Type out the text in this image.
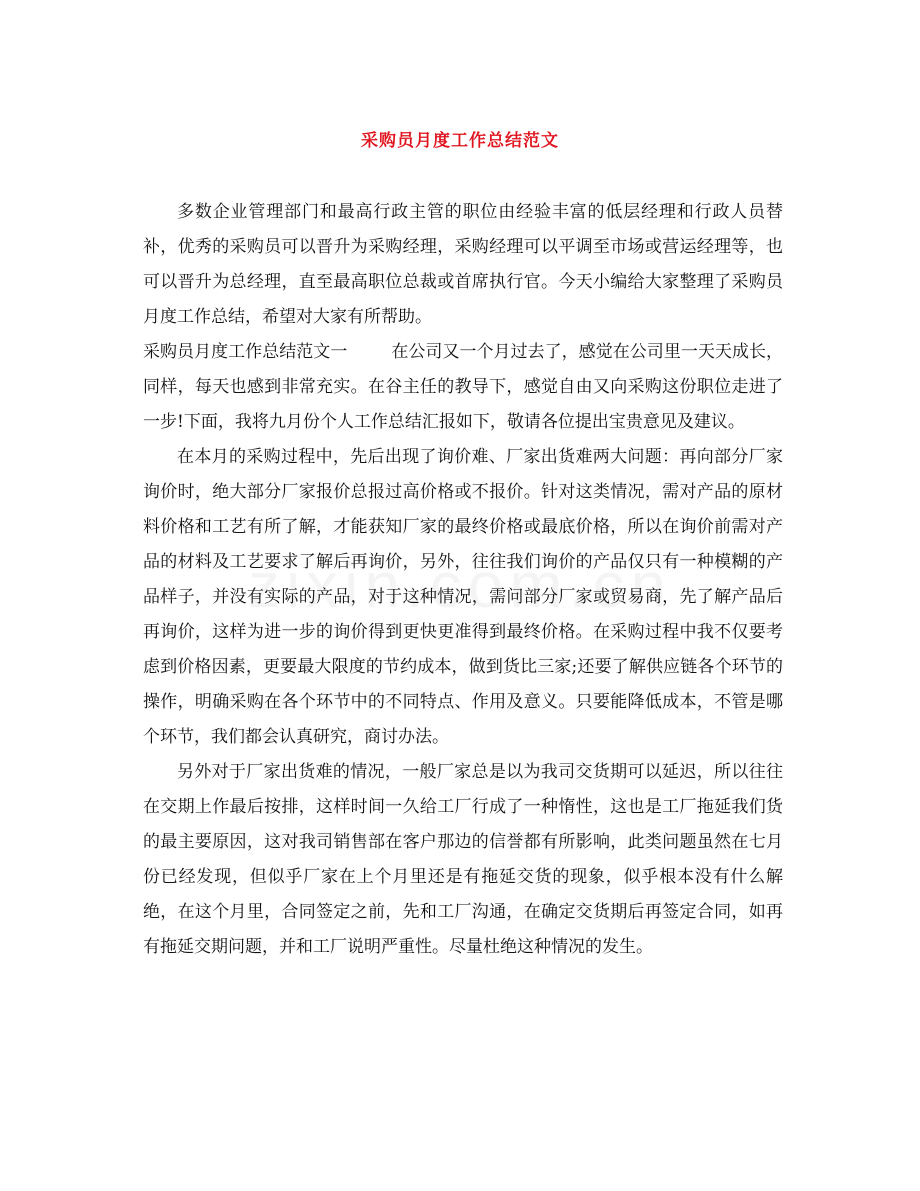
采购员月度工作总结范文

多数企业管理部门和最高行政主管的职位由经验丰富的低层经理和行政人员替补，优秀的采购员可以晋升为采购经理，采购经理可以平调至市场或营运经理等，也可以晋升为总经理，直至最高职位总裁或首席执行官。今天小编给大家整理了采购员月度工作总结，希望对大家有所帮助。

采购员月度工作总结范文一	在公司又一个月过去了，感觉在公司里一天天成长，同样，每天也感到非常充实。在谷主任的教导下，感觉自由又向采购这份职位走进了一步!下面，我将九月份个人工作总结汇报如下，敬请各位提出宝贵意见及建议。

在本月的采购过程中，先后出现了询价难、厂家出货难两大问题：再向部分厂家询价时，绝大部分厂家报价总报过高价格或不报价。针对这类情况，需对产品的原材料价格和工艺有所了解，才能获知厂家的最终价格或最底价格，所以在询价前需对产品的材料及工艺要求了解后再询价，另外，往往我们询价的产品仅只有一种模糊的产品样子，并没有实际的产品，对于这种情况，需问部分厂家或贸易商，先了解产品后再询价，这样为进一步的询价得到更快更准得到最终价格。在采购过程中我不仅要考虑到价格因素，更要最大限度的节约成本，做到货比三家;还要了解供应链各个环节的操作，明确采购在各个环节中的不同特点、作用及意义。只要能降低成本，不管是哪个环节，我们都会认真研究，商讨办法。

另外对于厂家出货难的情况，一般厂家总是以为我司交货期可以延迟，所以往往在交期上作最后按排，这样时间一久给工厂行成了一种惰性，这也是工厂拖延我们货的最主要原因，这对我司销售部在客户那边的信誉都有所影响，此类问题虽然在七月份已经发现，但似乎厂家在上个月里还是有拖延交货的现象，似乎根本没有什么解绝，在这个月里，合同签定之前，先和工厂沟通，在确定交货期后再签定合同，如再有拖延交期问题，并和工厂说明严重性。尽量杜绝这种情况的发生。
